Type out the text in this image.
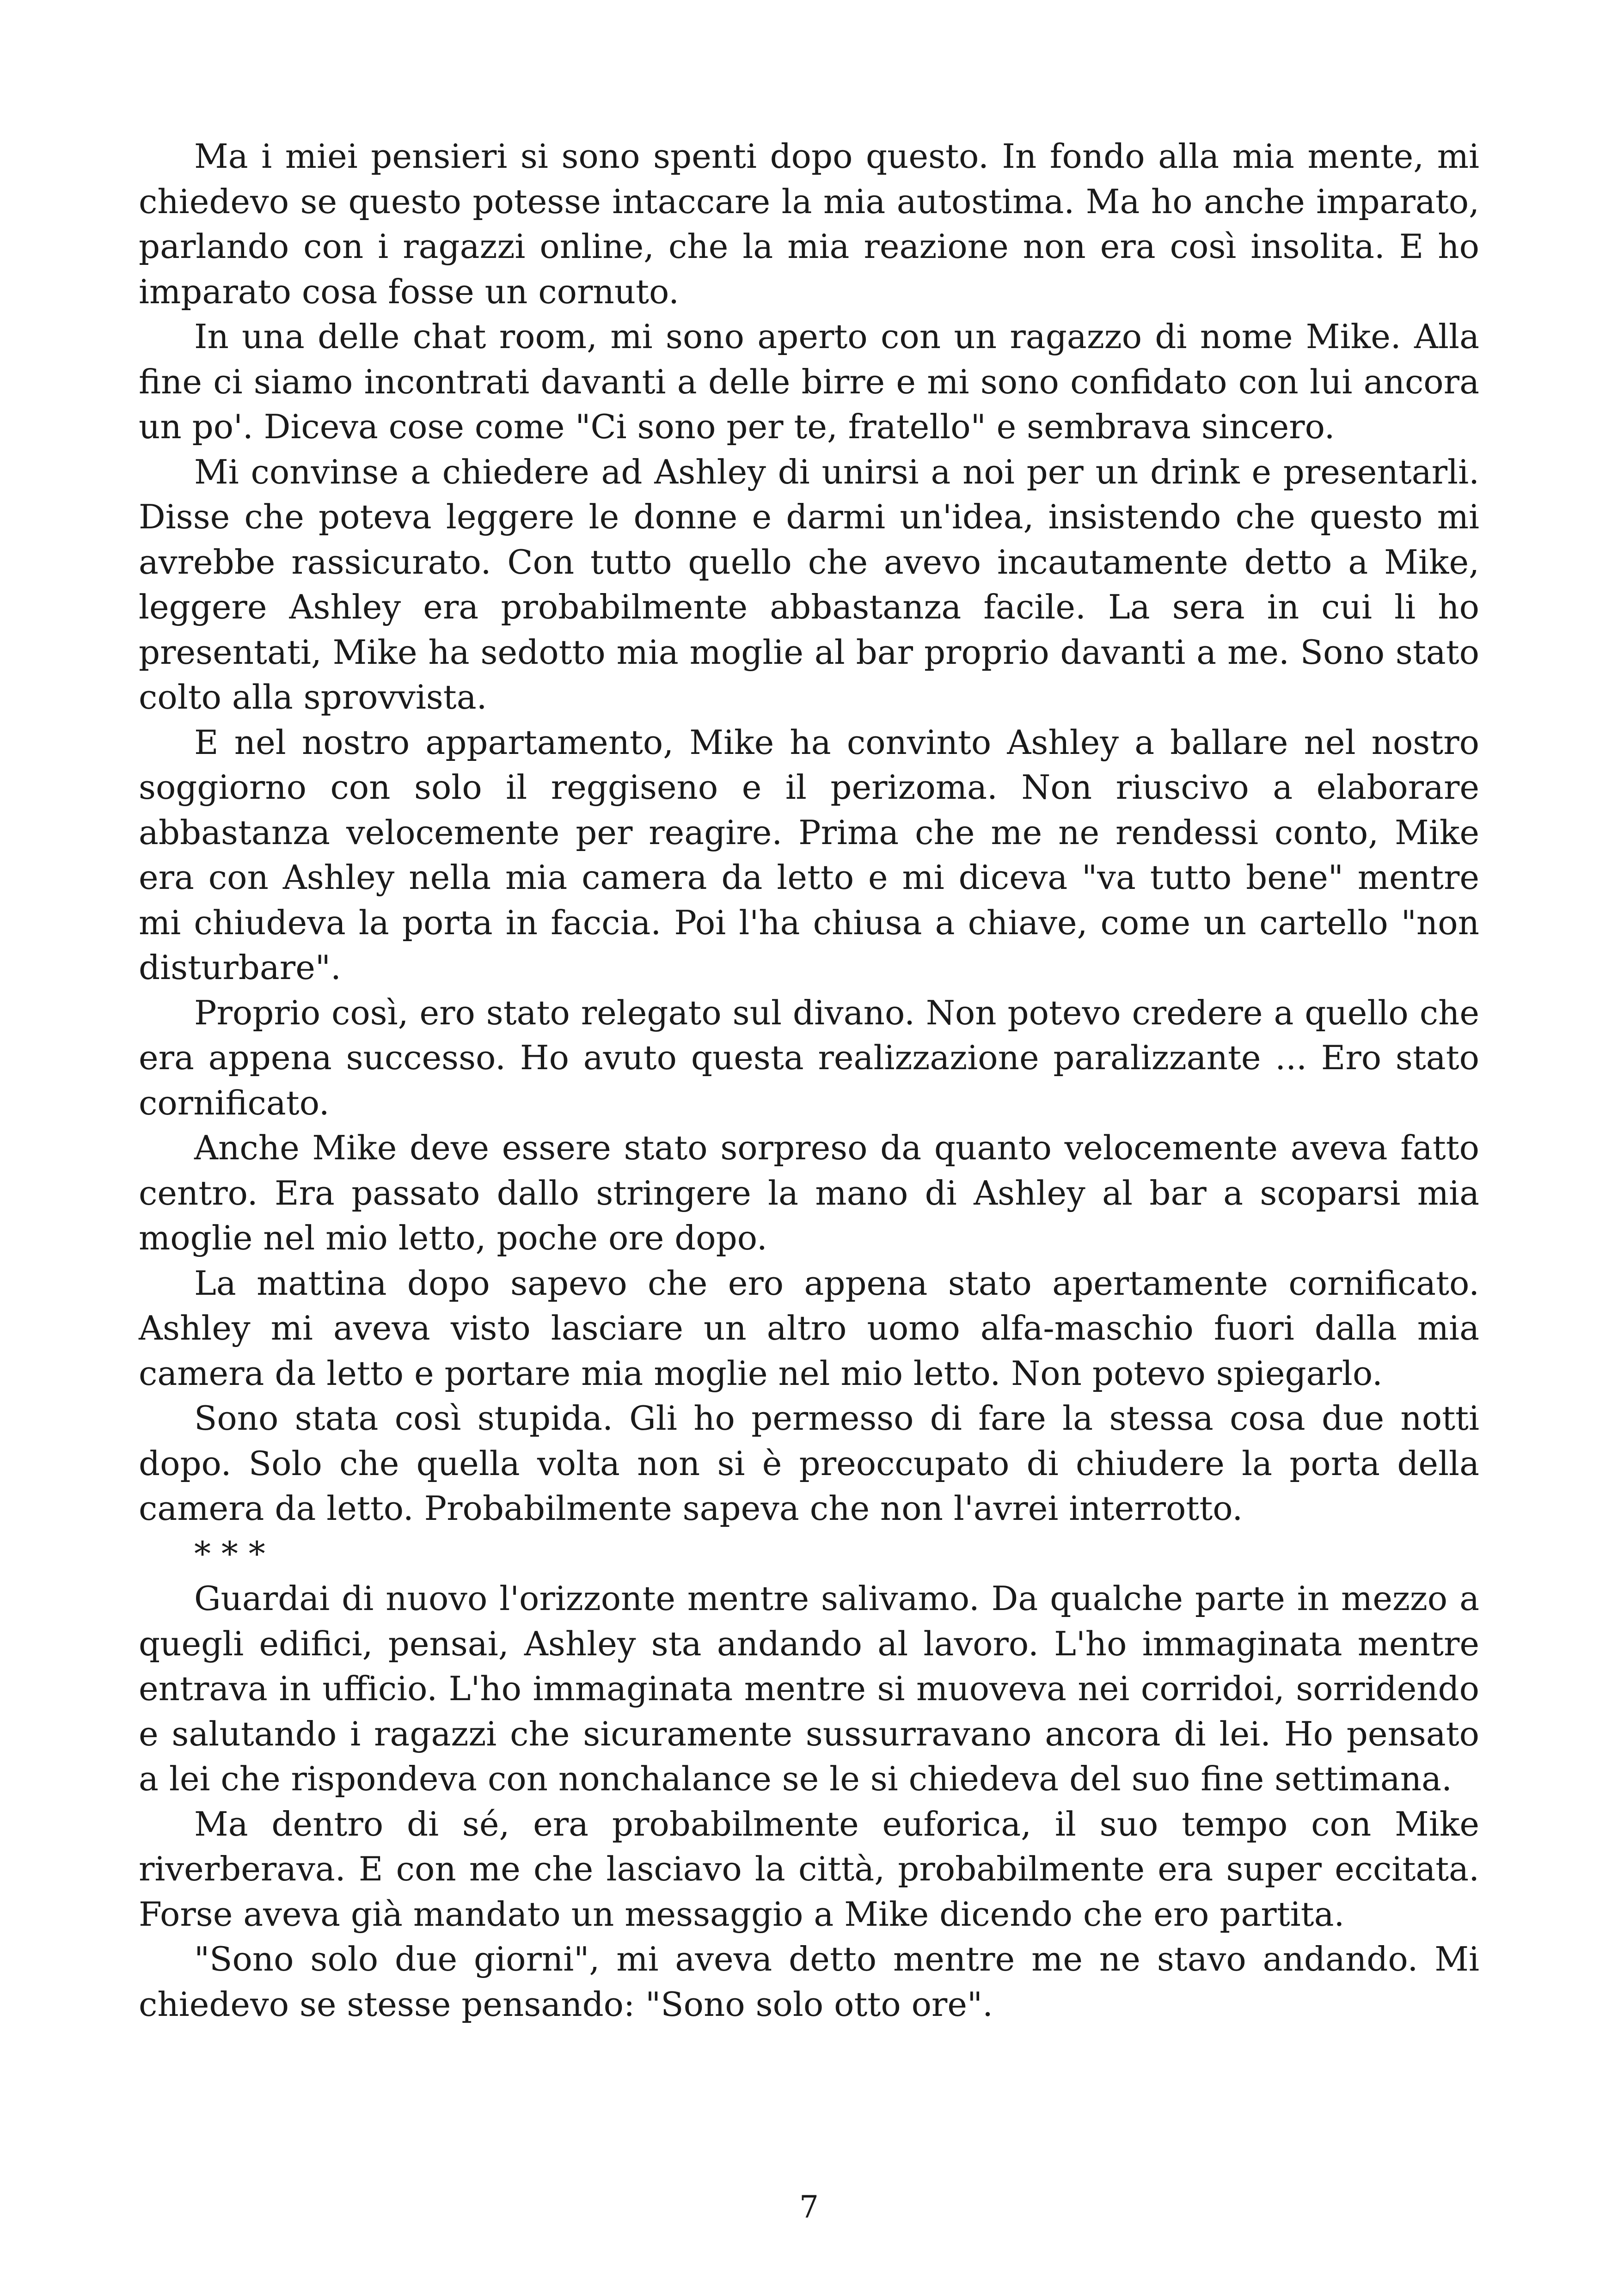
Ma i miei pensieri si sono spenti dopo questo. In fondo alla mia mente, mi chiedevo se questo potesse intaccare la mia autostima. Ma ho anche imparato, parlando con i ragazzi online, che la mia reazione non era così insolita. E ho imparato cosa fosse un cornuto.

In una delle chat room, mi sono aperto con un ragazzo di nome Mike. Alla fine ci siamo incontrati davanti a delle birre e mi sono confidato con lui ancora un po'. Diceva cose come "Ci sono per te, fratello" e sembrava sincero.

Mi convinse a chiedere ad Ashley di unirsi a noi per un drink e presentarli. Disse che poteva leggere le donne e darmi un'idea, insistendo che questo mi avrebbe rassicurato. Con tutto quello che avevo incautamente detto a Mike, leggere Ashley era probabilmente abbastanza facile. La sera in cui li ho presentati, Mike ha sedotto mia moglie al bar proprio davanti a me. Sono stato colto alla sprovvista.

E nel nostro appartamento, Mike ha convinto Ashley a ballare nel nostro soggiorno con solo il reggiseno e il perizoma. Non riuscivo a elaborare abbastanza velocemente per reagire. Prima che me ne rendessi conto, Mike era con Ashley nella mia camera da letto e mi diceva "va tutto bene" mentre mi chiudeva la porta in faccia. Poi l'ha chiusa a chiave, come un cartello "non disturbare".

Proprio così, ero stato relegato sul divano. Non potevo credere a quello che era appena successo. Ho avuto questa realizzazione paralizzante ... Ero stato cornificato.

Anche Mike deve essere stato sorpreso da quanto velocemente aveva fatto centro. Era passato dallo stringere la mano di Ashley al bar a scoparsi mia moglie nel mio letto, poche ore dopo.

La mattina dopo sapevo che ero appena stato apertamente cornificato. Ashley mi aveva visto lasciare un altro uomo alfa-maschio fuori dalla mia camera da letto e portare mia moglie nel mio letto. Non potevo spiegarlo.

Sono stata così stupida. Gli ho permesso di fare la stessa cosa due notti dopo. Solo che quella volta non si è preoccupato di chiudere la porta della camera da letto. Probabilmente sapeva che non l'avrei interrotto.

* * *

Guardai di nuovo l'orizzonte mentre salivamo. Da qualche parte in mezzo a quegli edifici, pensai, Ashley sta andando al lavoro. L'ho immaginata mentre entrava in ufficio. L'ho immaginata mentre si muoveva nei corridoi, sorridendo e salutando i ragazzi che sicuramente sussurravano ancora di lei. Ho pensato a lei che rispondeva con nonchalance se le si chiedeva del suo fine settimana.

Ma dentro di sé, era probabilmente euforica, il suo tempo con Mike riverberava. E con me che lasciavo la città, probabilmente era super eccitata. Forse aveva già mandato un messaggio a Mike dicendo che ero partita.

"Sono solo due giorni", mi aveva detto mentre me ne stavo andando. Mi chiedevo se stesse pensando: "Sono solo otto ore".

7
